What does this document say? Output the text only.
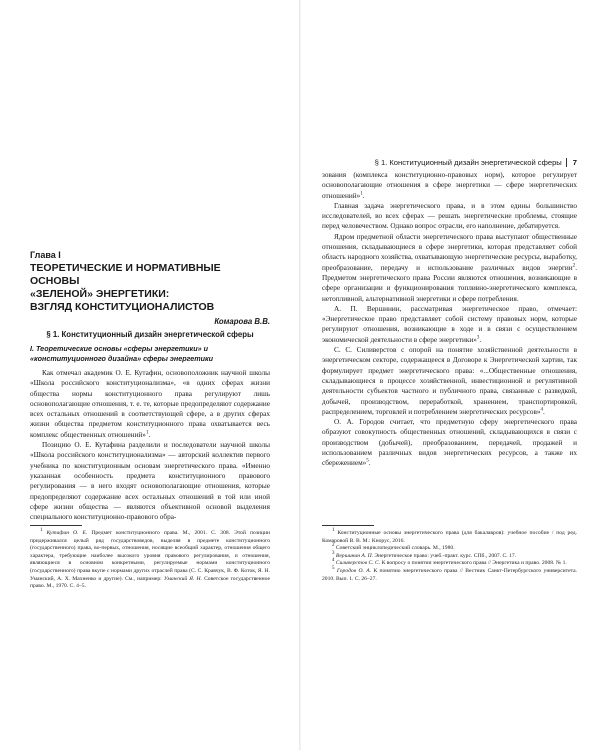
Глава I
ТЕОРЕТИЧЕСКИЕ И НОРМАТИВНЫЕ ОСНОВЫ
«ЗЕЛЕНОЙ» ЭНЕРГЕТИКИ:
ВЗГЛЯД КОНСТИТУЦИОНАЛИСТОВ
Комарова В.В.
§ 1. Конституционный дизайн энергетической сферы
I. Теоретические основы «сферы энергетики» и «конституционного дизайна» сферы энергетики

Как отмечал академик О. Е. Кутафин, основоположник научной школы «Школа российского конституционализма», «в одних сферах жизни общества нормы конституционного права регулируют лишь основополагающие отношения, т. е. те, которые предопределяют содержание всех остальных отношений в соответствующей сфере, а в других сферах жизни общества предметом конституционного права охватывается весь комплекс общественных отношений»$^1$.

Позицию О. Е. Кутафина разделили и последователи научной школы «Школа российского конституционализма» — авторский коллектив первого учебника по конституционным основам энергетического права. «Именно указанная особенность предмета конституционного правового регулирования — в него входят основополагающие отношения, которые предопределяют содержание всех остальных отношений в той или иной сфере жизни общества — являются объективной основой выделения специального конституционно-правового обра-

$^1$ Кутафин О. Е. Предмет конституционного права. М., 2001. С. 308. Этой позиции придерживался целый ряд государствоведов, выделяя в предмете конституционного (государственного) права, во-первых, отношения, носящие всеобщий характер, отношения общего характера, требующие наиболее высокого уровня правового регулирования, и отношения, являющиеся в основном конкретными, регулируемые нормами конституционного (государственного) права вкупе с нормами других отраслей права (С. С. Кравчук, В. Ф. Коток, Я. Н. Уманский, А. Х. Махненко и другие). См., например: Уманский Я. Н. Советское государственное право. М., 1970. С. 4–5.
§ 1. Конституционный дизайн энергетической сферы 7

зования (комплекса конституционно-правовых норм), которое регулирует основополагающие отношения в сфере энергетики — сфере энергетических отношений»$^1$.

Главная задача энергетического права, и в этом едины большинство исследователей, во всех сферах — решать энергетические проблемы, стоящие перед человечеством. Однако вопрос отрасли, его наполнение, дебатируется.

Ядром предметной области энергетического права выступают общественные отношения, складывающиеся в сфере энергетики, которая представляет собой область народного хозяйства, охватывающую энергетические ресурсы, выработку, преобразование, передачу и использование различных видов энергии$^2$. Предметом энергетического права России являются отношения, возникающие в сфере организации и функционирования топливно-энергетического комплекса, нетопливной, альтернативной энергетики и сфере потребления.

А. П. Вершинин, рассматривая энергетическое право, отмечает: «Энергетическое право представляет собой систему правовых норм, которые регулируют отношения, возникающие в ходе и в связи с осуществлением экономической деятельности в сфере энергетики»$^3$.

С. С. Силиверстов с опорой на понятие хозяйственной деятельности в энергетическом секторе, содержащееся в Договоре к Энергетической хартии, так формулирует предмет энергетического права: «...Общественные отношения, складывающиеся в процессе хозяйственной, инвестиционной и регулятивной деятельности субъектов частного и публичного права, связанные с разведкой, добычей, производством, переработкой, хранением, транспортировкой, распределением, торговлей и потреблением энергетических ресурсов»$^4$.

О. А. Городов считает, что предметную сферу энергетического права образуют совокупность общественных отношений, складывающихся в связи с производством (добычей), преобразованием, передачей, продажей и использованием различных видов энергетических ресурсов, а также их сбережением»$^5$.

$^1$ Конституционные основы энергетического права (для бакалавров): учебное пособие / под ред. Комаровой В. В. М.: Кнорус, 2016.
$^2$ Советский энциклопедический словарь. М., 1980.
$^3$ Вершинин А. П. Энергетическое право: учеб.-практ. курс. СПб., 2007. С. 17.
$^4$ Силиверстов С. С. К вопросу о понятии энергетического права // Энергетика и право. 2008. № 1.
$^5$ Городов О. А. К понятию энергетического права // Вестник Санкт-Петербургского университета. 2010. Вып. 1. С. 26–27.
